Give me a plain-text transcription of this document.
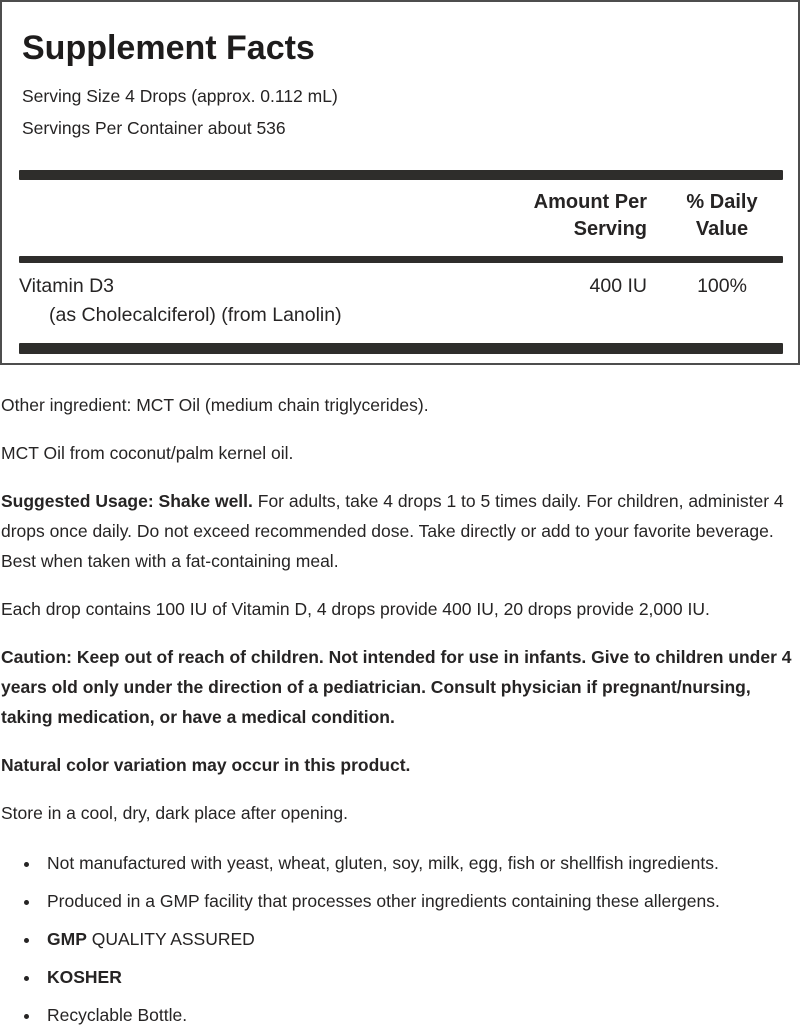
Supplement Facts
Serving Size 4 Drops (approx. 0.112 mL)
Servings Per Container about 536
Amount Per Serving
% Daily Value
Vitamin D3
(as Cholecalciferol) (from Lanolin)
400 IU	100%

Other ingredient: MCT Oil (medium chain triglycerides).

MCT Oil from coconut/palm kernel oil.

Suggested Usage: Shake well. For adults, take 4 drops 1 to 5 times daily. For children, administer 4 drops once daily. Do not exceed recommended dose. Take directly or add to your favorite beverage. Best when taken with a fat-containing meal.

Each drop contains 100 IU of Vitamin D, 4 drops provide 400 IU, 20 drops provide 2,000 IU.

Caution: Keep out of reach of children. Not intended for use in infants. Give to children under 4 years old only under the direction of a pediatrician. Consult physician if pregnant/nursing, taking medication, or have a medical condition.

Natural color variation may occur in this product.

Store in a cool, dry, dark place after opening.

• Not manufactured with yeast, wheat, gluten, soy, milk, egg, fish or shellfish ingredients.
• Produced in a GMP facility that processes other ingredients containing these allergens.
• GMP QUALITY ASSURED
• KOSHER
• Recyclable Bottle.
